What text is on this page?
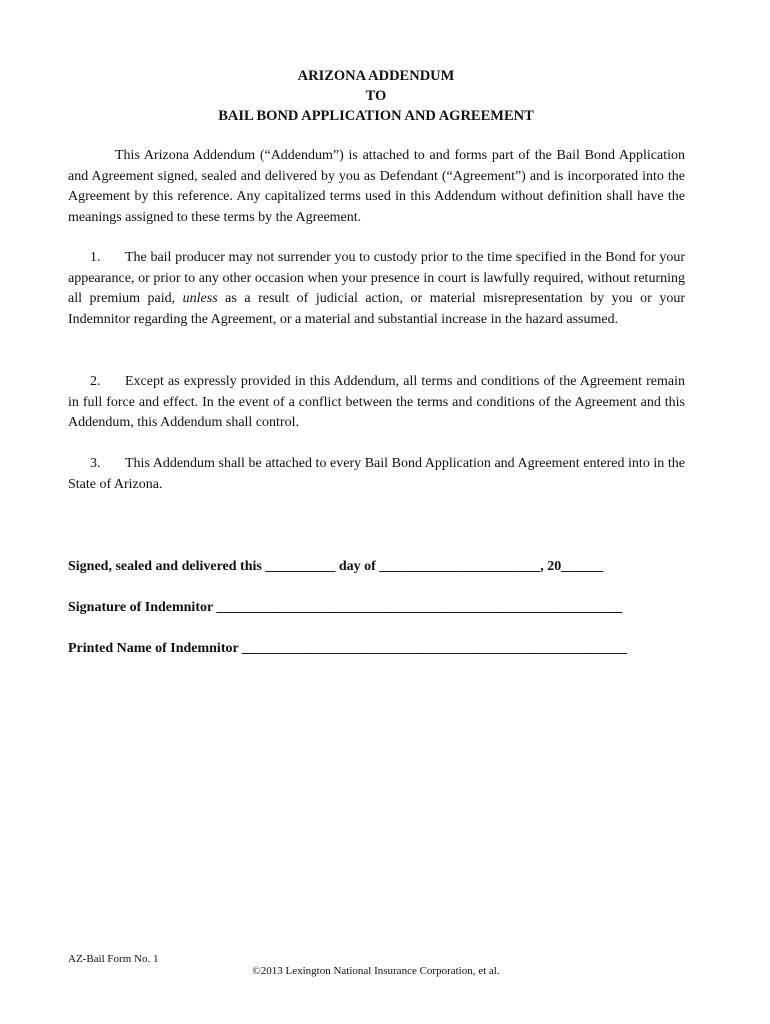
ARIZONA ADDENDUM
TO
BAIL BOND APPLICATION AND AGREEMENT

This Arizona Addendum (“Addendum”) is attached to and forms part of the Bail Bond Application and Agreement signed, sealed and delivered by you as Defendant (“Agreement”) and is incorporated into the Agreement by this reference. Any capitalized terms used in this Addendum without definition shall have the meanings assigned to these terms by the Agreement.

1. The bail producer may not surrender you to custody prior to the time specified in the Bond for your appearance, or prior to any other occasion when your presence in court is lawfully required, without returning all premium paid, unless as a result of judicial action, or material misrepresentation by you or your Indemnitor regarding the Agreement, or a material and substantial increase in the hazard assumed.

2. Except as expressly provided in this Addendum, all terms and conditions of the Agreement remain in full force and effect. In the event of a conflict between the terms and conditions of the Agreement and this Addendum, this Addendum shall control.

3. This Addendum shall be attached to every Bail Bond Application and Agreement entered into in the State of Arizona.

Signed, sealed and delivered this __________ day of _______________________, 20______
Signature of Indemnitor __________________________________________________________
Printed Name of Indemnitor _______________________________________________________
AZ-Bail Form No. 1
©2013 Lexington National Insurance Corporation, et al.
